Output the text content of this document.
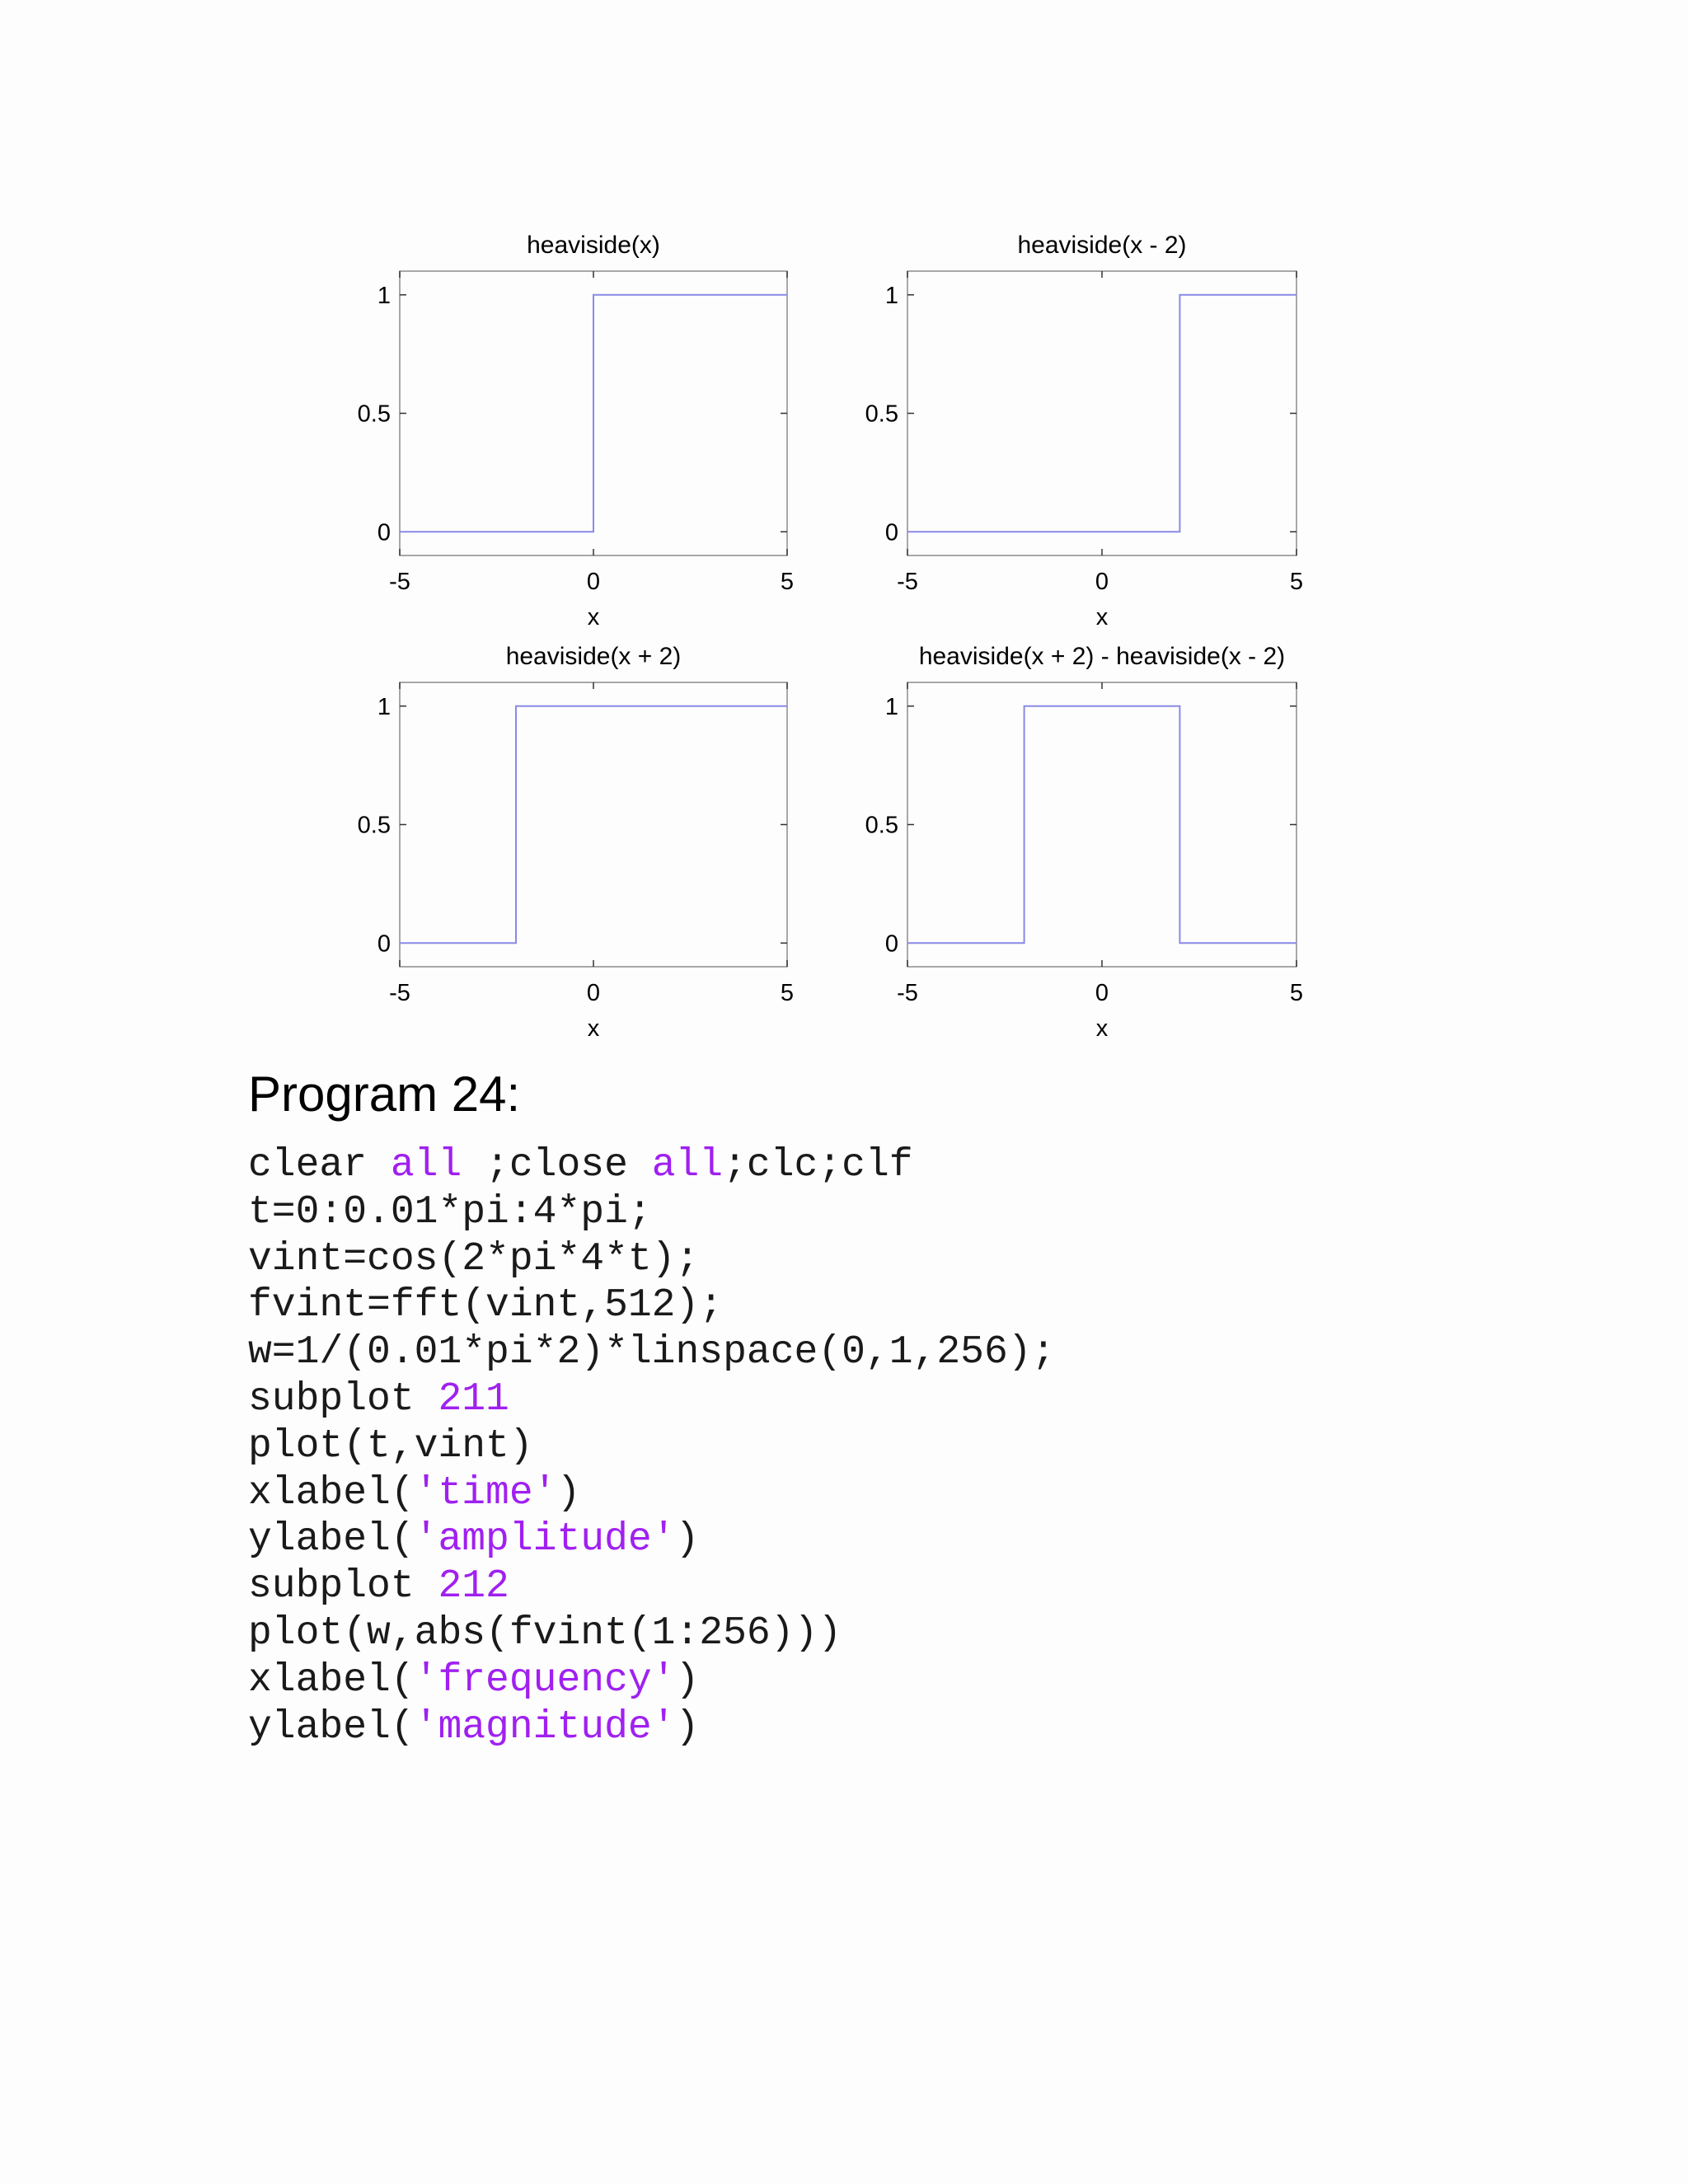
0
0.5
1
-5	0	5
heaviside(x)
x
0
0.5
1
-5	0	5
heaviside(x - 2)
x
0
0.5
1
-5	0	5
heaviside(x + 2)
x
0
0.5
1
-5	0	5
heaviside(x + 2) - heaviside(x - 2)
x
Program 24:
clear all ;close all;clc;clf
t=0:0.01*pi:4*pi;
vint=cos(2*pi*4*t);
fvint=fft(vint,512);
w=1/(0.01*pi*2)*linspace(0,1,256);
subplot 211
plot(t,vint)
xlabel('time')
ylabel('amplitude')
subplot 212
plot(w,abs(fvint(1:256)))
xlabel('frequency')
ylabel('magnitude')
